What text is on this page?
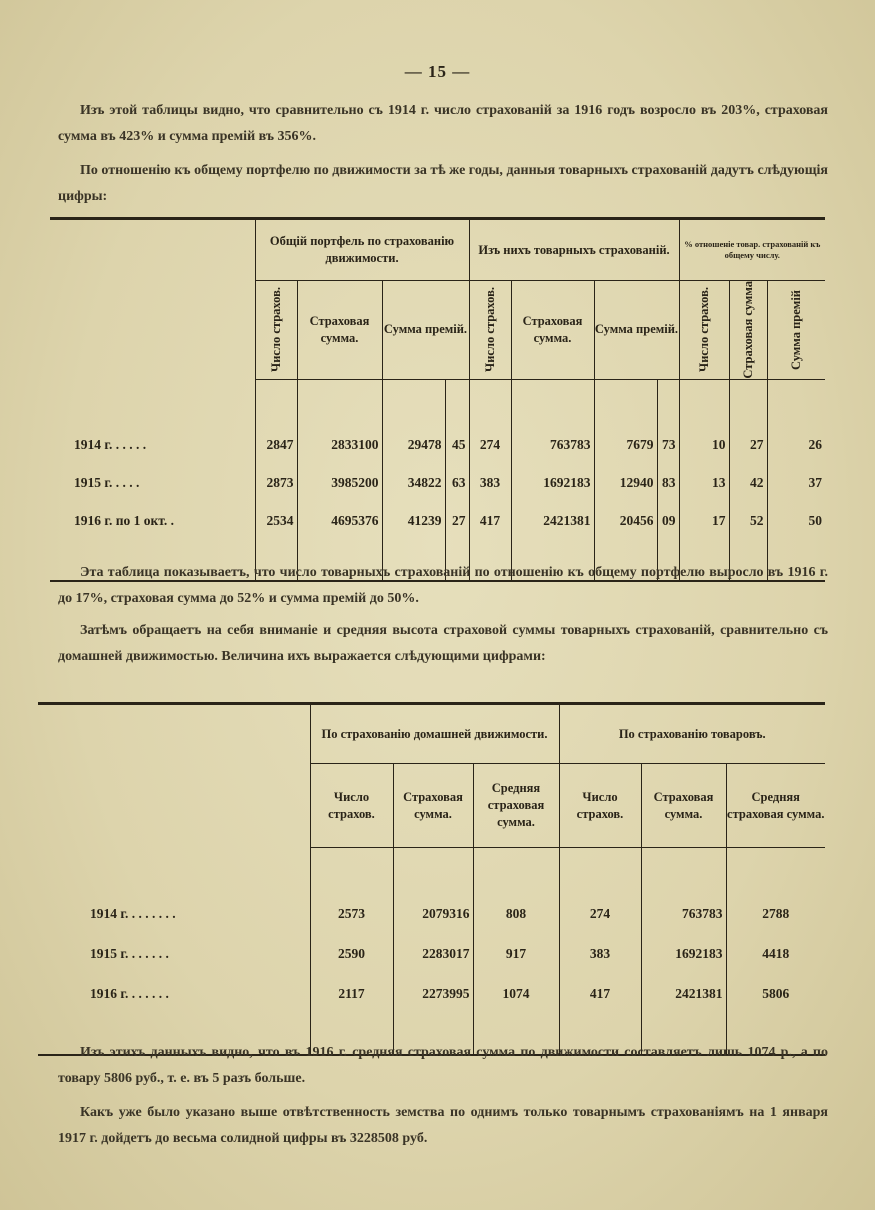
— 15 —
Изъ этой таблицы видно, что сравнительно съ 1914 г. число страхованій за 1916 годъ возросло въ 203%, страховая сумма въ 423% и сумма премій въ 356%.
По отношенію къ общему портфелю по движимости за тѣ же годы, данныя товарныхъ страхованій дадутъ слѣдующія цифры:
	Общій портфель по страхованію движимости.				Изъ нихъ товарныхъ страхованій.				% отношеніе товар. страхованій къ общему числу.		

	Число страхов.	Страховая сумма.	Сумма премій.		Число страхов.	Страховая сумма.	Сумма премій.		Число страхов.	Страховая сумма	Сумма премій

1914 г. . . . . .	2847	2833100	29478	45	274	763783	7679	73	10	27	26
1915 г. . . . .	2873	3985200	34822	63	383	1692183	12940	83	13	42	37
1916 г. по 1 окт. .	2534	4695376	41239	27	417	2421381	20456	09	17	52	50

Эта таблица показываетъ, что число товарныхъ страхованій по отношенію къ общему портфелю выросло въ 1916 г. до 17%, страховая сумма до 52% и сумма премій до 50%.
Затѣмъ обращаетъ на себя вниманіе и средняя высота страховой суммы товарныхъ страхованій, сравнительно съ домашней движимостью. Величина ихъ выражается слѣдующими цифрами:
	По страхованію домашней движимости.			По страхованію товаровъ.		
	Число страхов.	Страховая сумма.	Средняя страховая сумма.	Число страхов.	Страховая сумма.	Средняя страховая сумма.

1914 г. . . . . . . .	2573	2079316	808	274	763783	2788
1915 г. . . . . . .	2590	2283017	917	383	1692183	4418
1916 г. . . . . . .	2117	2273995	1074	417	2421381	5806

Изъ этихъ данныхъ видно, что въ 1916 г. средняя страховая сумма по движимости составляетъ лишь 1074 р., а по товару 5806 руб., т. е. въ 5 разъ больше.
Какъ уже было указано выше отвѣтственность земства по однимъ только товарнымъ страхованіямъ на 1 января 1917 г. дойдетъ до весьма солидной цифры въ 3228508 руб.
